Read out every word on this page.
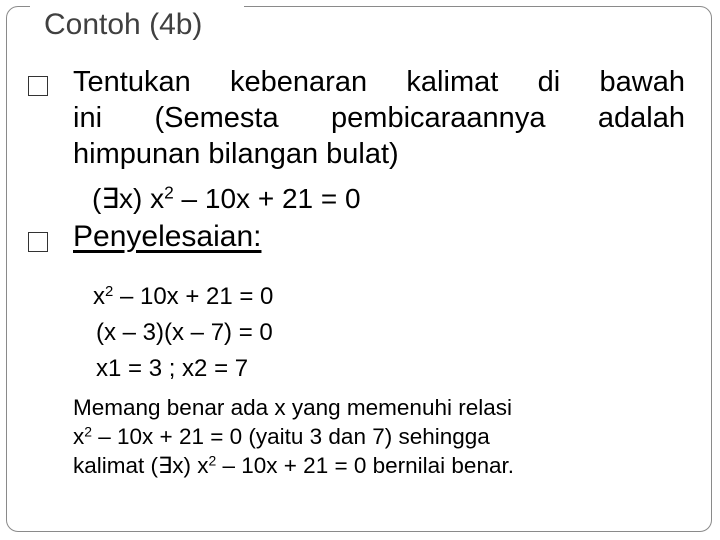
Contoh (4b)
Tentukan kebenaran kalimat di bawah
ini (Semesta pembicaraannya adalah
himpunan bilangan bulat)
(∃x) $x^2 - 10x + 21 = 0$
Penyelesaian:
$x^2 - 10x + 21 = 0$
(x – 3)(x – 7) = 0
x1 = 3 ; x2 = 7
Memang benar ada x yang memenuhi relasi
$x^2 - 10x + 21 = 0$ (yaitu 3 dan 7) sehingga
kalimat (∃x) $x^2 - 10x + 21 = 0$ bernilai benar.
